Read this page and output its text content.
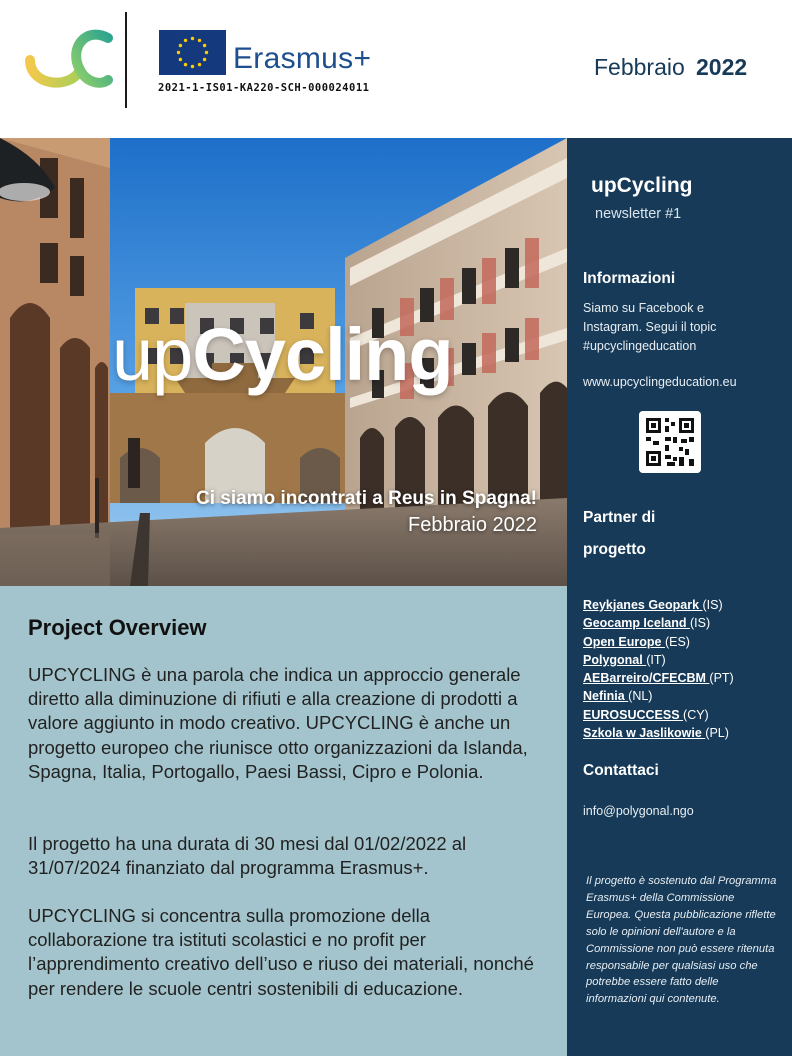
Erasmus+
2021-1-IS01-KA220-SCH-000024011
Febbraio 2022
upCycling
Ci siamo incontrati a Reus in Spagna!
Febbraio 2022
upCycling
newsletter #1
Informazioni
Siamo su Facebook e Instagram. Segui il topic #upcyclingeducation
www.upcyclingeducation.eu
Partner di
progetto
Reykjanes Geopark (IS)
Geocamp Iceland (IS)
Open Europe (ES)
Polygonal (IT)
AEBarreiro/CFECBM (PT)
Nefinia (NL)
EUROSUCCESS (CY)
Szkola w Jaslikowie (PL)
Contattaci
info@polygonal.ngo
Il progetto è sostenuto dal Programma Erasmus+ della Commissione Europea. Questa pubblicazione riflette solo le opinioni dell'autore e la Commissione non può essere ritenuta responsabile per qualsiasi uso che potrebbe essere fatto delle informazioni qui contenute.
Project Overview

UPCYCLING è una parola che indica un approccio generale diretto alla diminuzione di rifiuti e alla creazione di prodotti a valore aggiunto in modo creativo. UPCYCLING è anche un progetto europeo che riunisce otto organizzazioni da Islanda, Spagna, Italia, Portogallo, Paesi Bassi, Cipro e Polonia.

Il progetto ha una durata di 30 mesi dal 01/02/2022 al 31/07/2024 finanziato dal programma Erasmus+.

UPCYCLING si concentra sulla promozione della collaborazione tra istituti scolastici e no profit per l’apprendimento creativo dell’uso e riuso dei materiali, nonché per rendere le scuole centri sostenibili di educazione.
